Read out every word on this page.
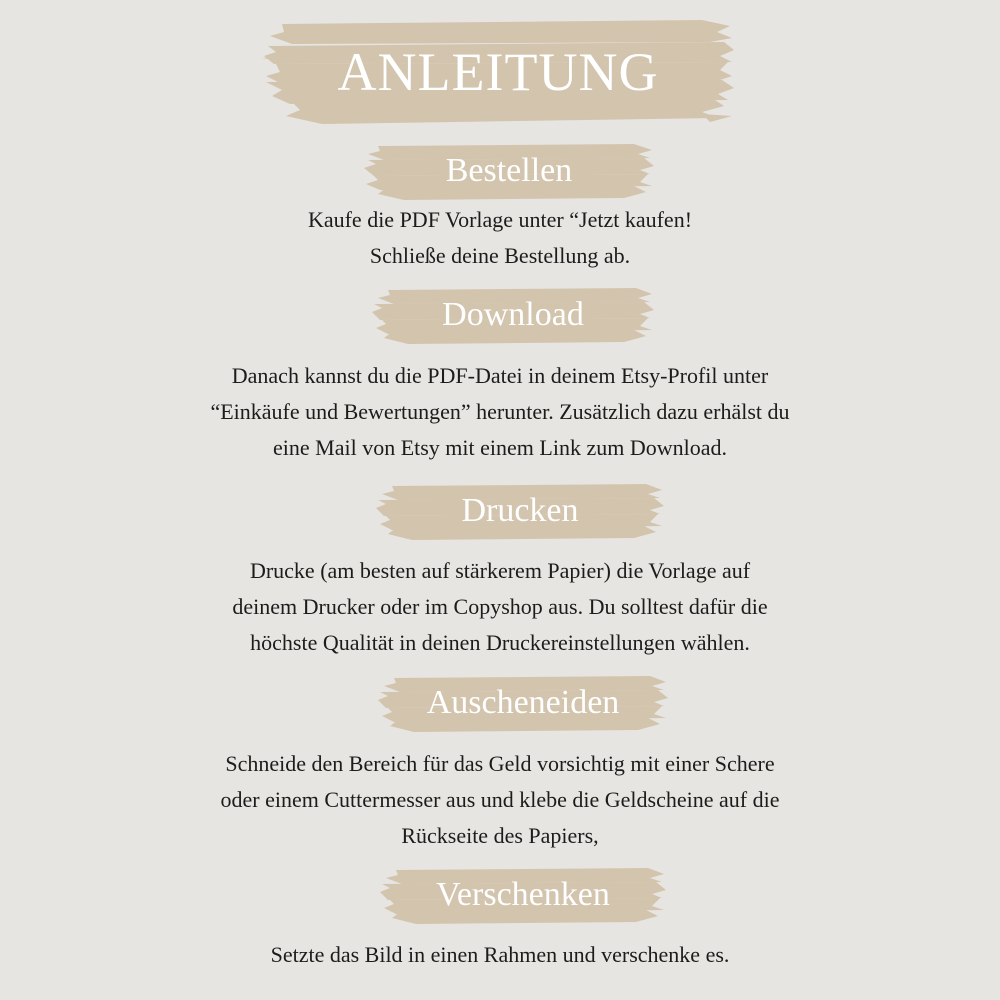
ANLEITUNG
Bestellen
Kaufe die PDF Vorlage unter “Jetzt kaufen!
Schließe deine Bestellung ab.
Download
Danach kannst du die PDF-Datei in deinem Etsy-Profil unter
“Einkäufe und Bewertungen” herunter. Zusätzlich dazu erhälst du
eine Mail von Etsy mit einem Link zum Download.
Drucken
Drucke (am besten auf stärkerem Papier) die Vorlage auf
deinem Drucker oder im Copyshop aus. Du solltest dafür die
höchste Qualität in deinen Druckereinstellungen wählen.
Auscheneiden
Schneide den Bereich für das Geld vorsichtig mit einer Schere
oder einem Cuttermesser aus und klebe die Geldscheine auf die
Rückseite des Papiers,
Verschenken
Setzte das Bild in einen Rahmen und verschenke es.
